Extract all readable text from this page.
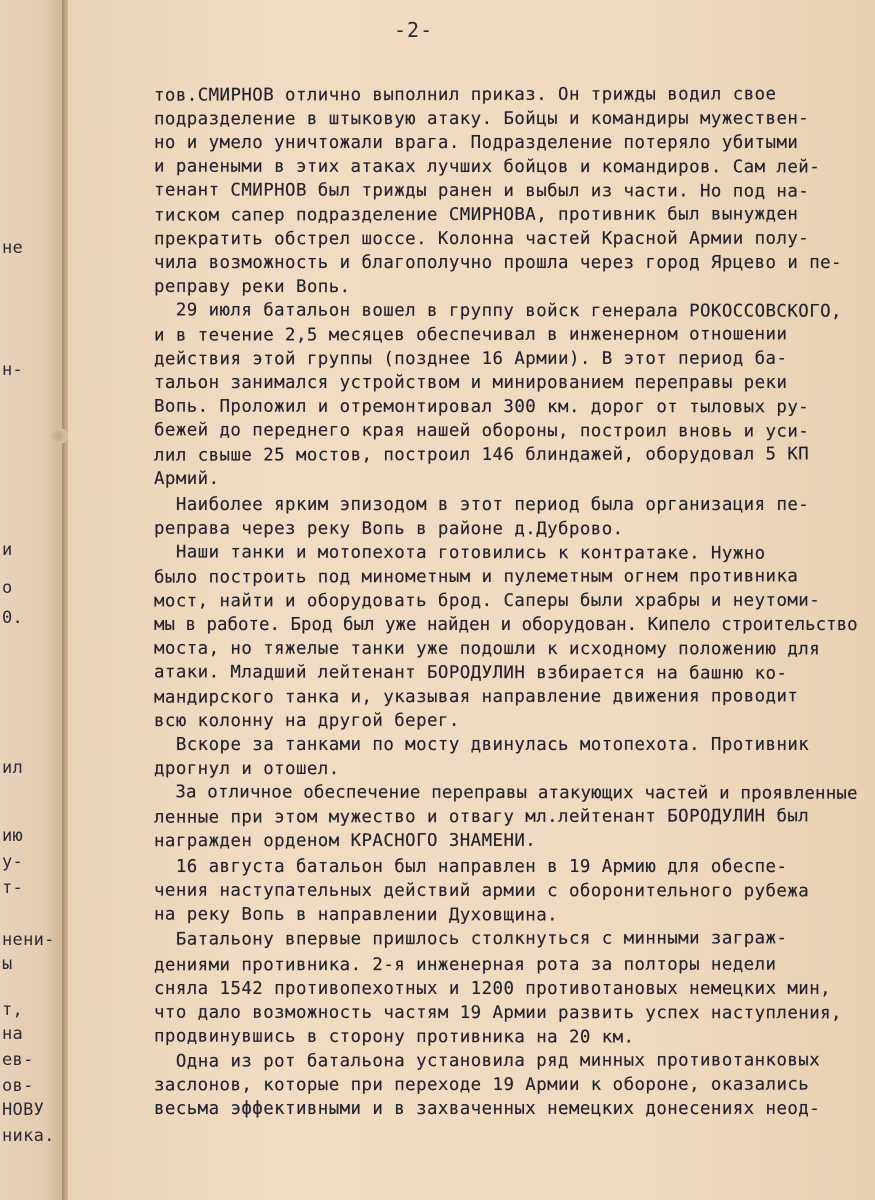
не
н-
и
о
0.
ил
ию
у-
т-
нени-
ы
т,
на
ев-
ов-
НОВУ
ника.
-2-
тов.СМИРНОВ отлично выполнил приказ. Он трижды водил свое
подразделение в штыковую атаку. Бойцы и командиры мужествен-
но и умело уничтожали врага. Подразделение потеряло убитыми
и ранеными в этих атаках лучших бойцов и командиров. Сам лей-
тенант СМИРНОВ был трижды ранен и выбыл из части. Но под на-
тиском сапер подразделение СМИРНОВА, противник был вынужден
прекратить обстрел шоссе. Колонна частей Красной Армии полу-
чила возможность и благополучно прошла через город Ярцево и пе-
реправу реки Вопь.
29 июля батальон вошел в группу войск генерала РОКОССОВСКОГО,
и в течение 2,5 месяцев обеспечивал в инженерном отношении
действия этой группы (позднее 16 Армии). В этот период ба-
тальон занимался устройством и минированием переправы реки
Вопь. Проложил и отремонтировал 300 км. дорог от тыловых ру-
бежей до переднего края нашей обороны, построил вновь и уси-
лил свыше 25 мостов, построил 146 блиндажей, оборудовал 5 КП
Армий.
Наиболее ярким эпизодом в этот период была организация пе-
реправа через реку Вопь в районе д.Дуброво.
Наши танки и мотопехота готовились к контратаке. Нужно
было построить под минометным и пулеметным огнем противника
мост, найти и оборудовать брод. Саперы были храбры и неутоми-
мы в работе. Брод был уже найден и оборудован. Кипело строительство
моста, но тяжелые танки уже подошли к исходному положению для
атаки. Младший лейтенант БОРОДУЛИН взбирается на башню ко-
мандирского танка и, указывая направление движения проводит
всю колонну на другой берег.
Вскоре за танками по мосту двинулась мотопехота. Противник
дрогнул и отошел.
За отличное обеспечение переправы атакующих частей и проявленные
ленные при этом мужество и отвагу мл.лейтенант БОРОДУЛИН был
награжден орденом КРАСНОГО ЗНАМЕНИ.
16 августа батальон был направлен в 19 Армию для обеспе-
чения наступательных действий армии с оборонительного рубежа
на реку Вопь в направлении Духовщина.
Батальону впервые пришлось столкнуться с минными заграж-
дениями противника. 2-я инженерная рота за полторы недели
сняла 1542 противопехотных и 1200 противотановых немецких мин,
что дало возможность частям 19 Армии развить успех наступления,
продвинувшись в сторону противника на 20 км.
Одна из рот батальона установила ряд минных противотанковых
заслонов, которые при переходе 19 Армии к обороне, оказались
весьма эффективными и в захваченных немецких донесениях неод-
